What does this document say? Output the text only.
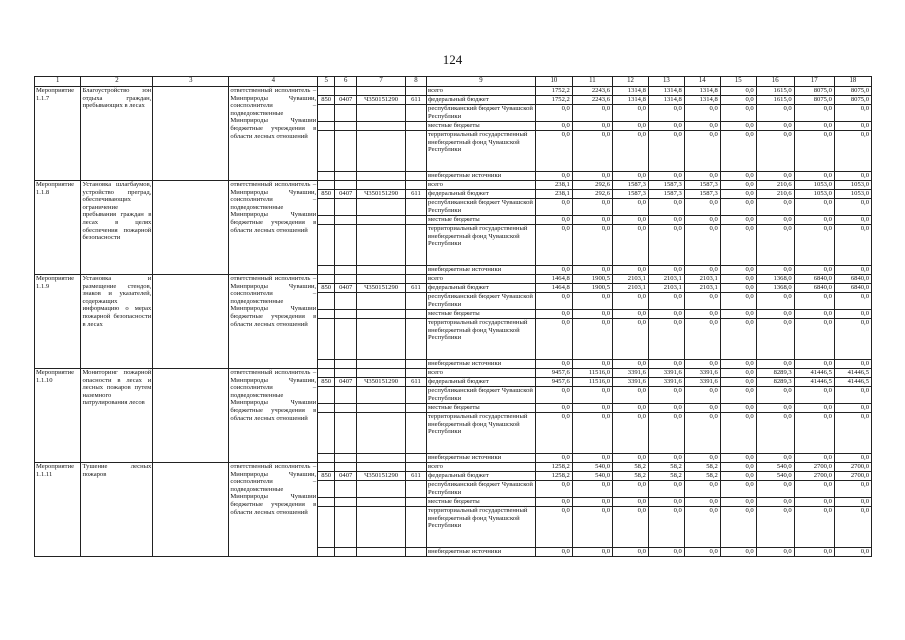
124
1	2	3	4	5	6	7	8	9	10	11	12	13	14	15	16	17	18
Мероприятие 1.1.7	Благоустройство зон отдыха граждан, пребывающих в лесах		ответственный исполнитель – Минприроды Чувашии, соисполнители – подведомственные Минприроды Чувашии бюджетные учреждения в области лесных отношений					всего	1752,2	2243,6	1314,8	1314,8	1314,8	0,0	1615,0	8075,0	8075,0
				850	0407	Ч350151290	611	федеральный бюджет	1752,2	2243,6	1314,8	1314,8	1314,8	0,0	1615,0	8075,0	8075,0
								республиканский бюджет Чувашской Республики	0,0	0,0	0,0	0,0	0,0	0,0	0,0	0,0	0,0
								местные бюджеты	0,0	0,0	0,0	0,0	0,0	0,0	0,0	0,0	0,0
								территориальный государственный внебюджетный фонд Чувашской Республики	0,0	0,0	0,0	0,0	0,0	0,0	0,0	0,0	0,0
								внебюджетные источники	0,0	0,0	0,0	0,0	0,0	0,0	0,0	0,0	0,0
Мероприятие 1.1.8	Установка шлагбаумов, устройство преград, обеспечивающих ограничение пребывания граждан в лесах в целях обеспечения пожарной безопасности		ответственный исполнитель – Минприроды Чувашии, соисполнители – подведомственные Минприроды Чувашии бюджетные учреждения в области лесных отношений					всего	238,1	292,6	1587,3	1587,3	1587,3	0,0	210,6	1053,0	1053,0
				850	0407	Ч350151290	611	федеральный бюджет	238,1	292,6	1587,3	1587,3	1587,3	0,0	210,6	1053,0	1053,0
								республиканский бюджет Чувашской Республики	0,0	0,0	0,0	0,0	0,0	0,0	0,0	0,0	0,0
								местные бюджеты	0,0	0,0	0,0	0,0	0,0	0,0	0,0	0,0	0,0
								территориальный государственный внебюджетный фонд Чувашской Республики	0,0	0,0	0,0	0,0	0,0	0,0	0,0	0,0	0,0
								внебюджетные источники	0,0	0,0	0,0	0,0	0,0	0,0	0,0	0,0	0,0
Мероприятие 1.1.9	Установка и размещение стендов, знаков и указателей, содержащих информацию о мерах пожарной безопасности в лесах		ответственный исполнитель – Минприроды Чувашии, соисполнители – подведомственные Минприроды Чувашии бюджетные учреждения в области лесных отношений					всего	1464,8	1900,5	2103,1	2103,1	2103,1	0,0	1368,0	6840,0	6840,0
				850	0407	Ч350151290	611	федеральный бюджет	1464,8	1900,5	2103,1	2103,1	2103,1	0,0	1368,0	6840,0	6840,0
								республиканский бюджет Чувашской Республики	0,0	0,0	0,0	0,0	0,0	0,0	0,0	0,0	0,0
								местные бюджеты	0,0	0,0	0,0	0,0	0,0	0,0	0,0	0,0	0,0
								территориальный государственный внебюджетный фонд Чувашской Республики	0,0	0,0	0,0	0,0	0,0	0,0	0,0	0,0	0,0
								внебюджетные источники	0,0	0,0	0,0	0,0	0,0	0,0	0,0	0,0	0,0
Мероприятие 1.1.10	Мониторинг пожарной опасности в лесах и лесных пожаров путем наземного патрулирования лесов		ответственный исполнитель – Минприроды Чувашии, соисполнители – подведомственные Минприроды Чувашии бюджетные учреждения в области лесных отношений					всего	9457,6	11516,0	3391,6	3391,6	3391,6	0,0	8289,3	41446,5	41446,5
				850	0407	Ч350151290	611	федеральный бюджет	9457,6	11516,0	3391,6	3391,6	3391,6	0,0	8289,3	41446,5	41446,5
								республиканский бюджет Чувашской Республики	0,0	0,0	0,0	0,0	0,0	0,0	0,0	0,0	0,0
								местные бюджеты	0,0	0,0	0,0	0,0	0,0	0,0	0,0	0,0	0,0
								территориальный государственный внебюджетный фонд Чувашской Республики	0,0	0,0	0,0	0,0	0,0	0,0	0,0	0,0	0,0
								внебюджетные источники	0,0	0,0	0,0	0,0	0,0	0,0	0,0	0,0	0,0
Мероприятие 1.1.11	Тушение лесных пожаров		ответственный исполнитель – Минприроды Чувашии, соисполнители – подведомственные Минприроды Чувашии бюджетные учреждения в области лесных отношений					всего	1258,2	540,0	58,2	58,2	58,2	0,0	540,0	2700,0	2700,0
				850	0407	Ч350151290	611	федеральный бюджет	1258,2	540,0	58,2	58,2	58,2	0,0	540,0	2700,0	2700,0
								республиканский бюджет Чувашской Республики	0,0	0,0	0,0	0,0	0,0	0,0	0,0	0,0	0,0
								местные бюджеты	0,0	0,0	0,0	0,0	0,0	0,0	0,0	0,0	0,0
								территориальный государственный внебюджетный фонд Чувашской Республики	0,0	0,0	0,0	0,0	0,0	0,0	0,0	0,0	0,0
								внебюджетные источники	0,0	0,0	0,0	0,0	0,0	0,0	0,0	0,0	0,0
